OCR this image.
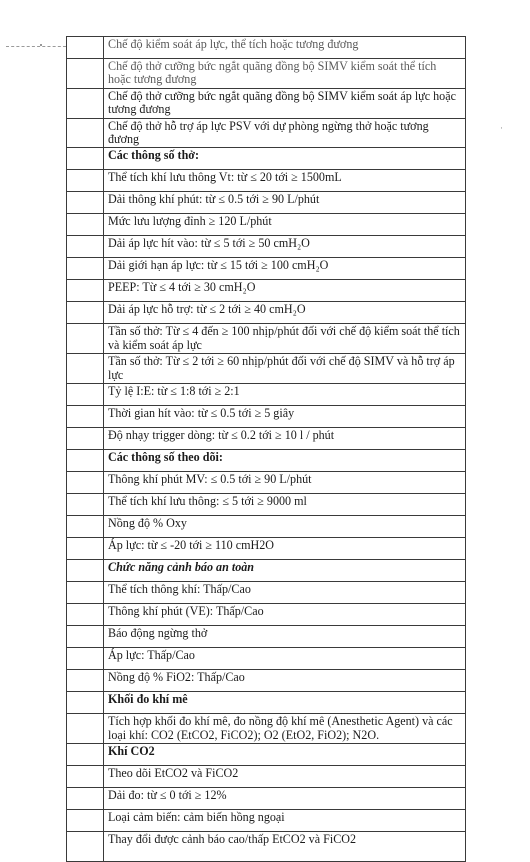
·
	Chế độ kiểm soát áp lực, thể tích hoặc tương đương
	Chế độ thở cưỡng bức ngắt quãng đồng bộ SIMV kiểm soát thể tích hoặc tương đương
	Chế độ thở cưỡng bức ngắt quãng đồng bộ SIMV kiểm soát áp lực hoặc tương đương
	Chế độ thở hỗ trợ áp lực PSV với dự phòng ngừng thở hoặc tương đương
	Các thông số thở:
	Thể tích khí lưu thông Vt: từ ≤ 20 tới ≥ 1500mL
	Dải thông khí phút: từ ≤ 0.5 tới ≥ 90 L/phút
	Mức lưu lượng đỉnh ≥ 120 L/phút
	Dải áp lực hít vào: từ ≤ 5 tới ≥ 50 cmH₂O
	Dải giới hạn áp lực: từ ≤ 15 tới ≥ 100 cmH₂O
	PEEP: Từ ≤ 4 tới ≥ 30 cmH₂O
	Dải áp lực hỗ trợ: từ ≤ 2 tới ≥ 40 cmH₂O
	Tần số thở: Từ ≤ 4 đến ≥ 100 nhịp/phút đối với chế độ kiểm soát thể tích và kiểm soát áp lực
	Tần số thở: Từ ≤ 2 tới ≥ 60 nhịp/phút đối với chế độ SIMV và hỗ trợ áp lực
	Tỷ lệ I:E: từ ≤ 1:8 tới ≥ 2:1
	Thời gian hít vào: từ ≤ 0.5 tới ≥ 5 giây
	Độ nhạy trigger dòng: từ ≤ 0.2 tới ≥ 10 l / phút
	Các thông số theo dõi:
	Thông khí phút MV: ≤ 0.5 tới ≥ 90 L/phút
	Thể tích khí lưu thông: ≤ 5 tới ≥ 9000 ml
	Nồng độ % Oxy
	Áp lực: từ ≤ -20 tới ≥ 110 cmH2O
	Chức năng cảnh báo an toàn
	Thể tích thông khí: Thấp/Cao
	Thông khí phút (VE): Thấp/Cao
	Báo động ngừng thở
	Áp lực: Thấp/Cao
	Nồng độ % FiO2: Thấp/Cao
	Khối đo khí mê
	Tích hợp khối đo khí mê, đo nồng độ khí mê (Anesthetic Agent) và các loại khí: CO2 (EtCO2, FiCO2); O2 (EtO2, FiO2); N2O.
	Khí CO2
	Theo dõi EtCO2 và FiCO2
	Dải đo: từ ≤ 0 tới ≥ 12%
	Loại cảm biến: cảm biến hồng ngoại
	Thay đổi được cảnh báo cao/thấp EtCO2 và FiCO2
